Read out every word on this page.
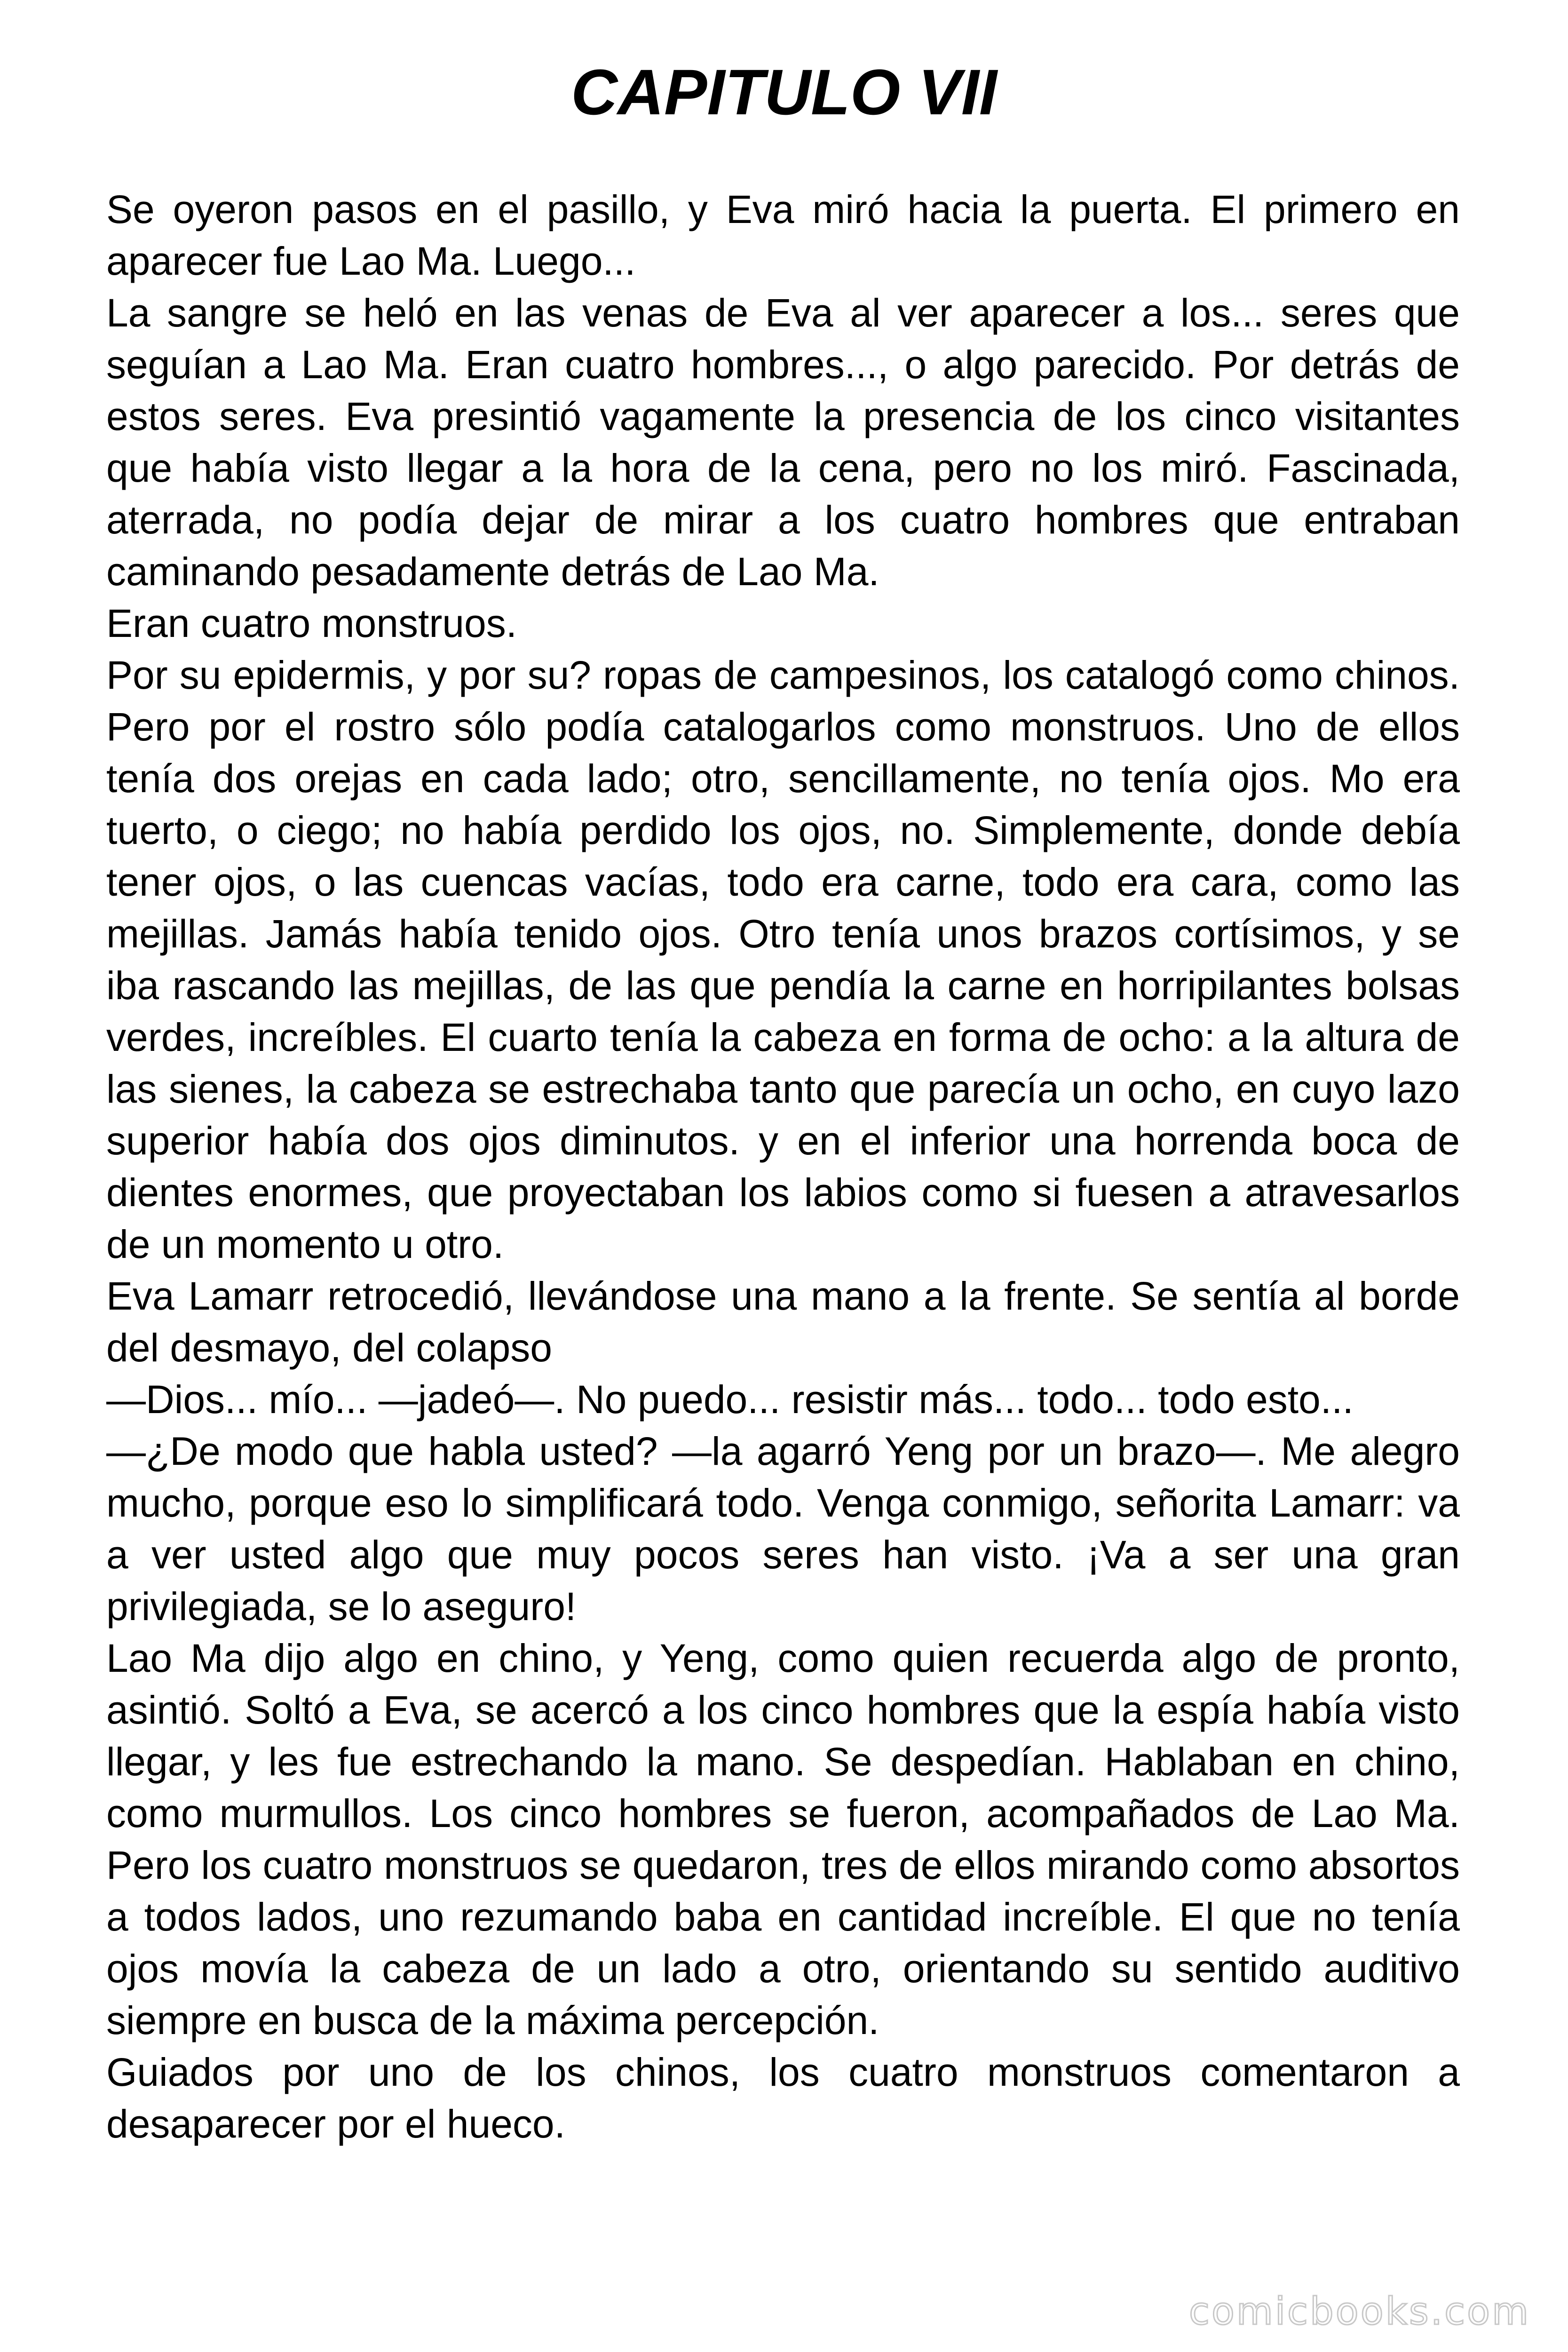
CAPITULO VII

Se oyeron pasos en el pasillo, y Eva miró hacia la puerta. El primero en aparecer fue Lao Ma. Luego...

La sangre se heló en las venas de Eva al ver aparecer a los... seres que seguían a Lao Ma. Eran cuatro hombres..., o algo parecido. Por detrás de estos seres. Eva presintió vagamente la presencia de los cinco visitantes que había visto llegar a la hora de la cena, pero no los miró. Fascinada, aterrada, no podía dejar de mirar a los cuatro hombres que entraban caminando pesadamente detrás de Lao Ma.

Eran cuatro monstruos.

Por su epidermis, y por su? ropas de campesinos, los catalogó como chinos. Pero por el rostro sólo podía catalogarlos como monstruos. Uno de ellos tenía dos orejas en cada lado; otro, sencillamente, no tenía ojos. Mo era tuerto, o ciego; no había perdido los ojos, no. Simplemente, donde debía tener ojos, o las cuencas vacías, todo era carne, todo era cara, como las mejillas. Jamás había tenido ojos. Otro tenía unos brazos cortísimos, y se iba rascando las mejillas, de las que pendía la carne en horripilantes bolsas verdes, increíbles. El cuarto tenía la cabeza en forma de ocho: a la altura de las sienes, la cabeza se estrechaba tanto que parecía un ocho, en cuyo lazo superior había dos ojos diminutos. y en el inferior una horrenda boca de dientes enormes, que proyectaban los labios como si fuesen a atravesarlos de un momento u otro.

Eva Lamarr retrocedió, llevándose una mano a la frente. Se sentía al borde del desmayo, del colapso

—Dios... mío... —jadeó—. No puedo... resistir más... todo... todo esto...

—¿De modo que habla usted? —la agarró Yeng por un brazo—. Me alegro mucho, porque eso lo simplificará todo. Venga conmigo, señorita Lamarr: va a ver usted algo que muy pocos seres han visto. ¡Va a ser una gran privilegiada, se lo aseguro!

Lao Ma dijo algo en chino, y Yeng, como quien recuerda algo de pronto, asintió. Soltó a Eva, se acercó a los cinco hombres que la espía había visto llegar, y les fue estrechando la mano. Se despedían. Hablaban en chino, como murmullos. Los cinco hombres se fueron, acompañados de Lao Ma. Pero los cuatro monstruos se quedaron, tres de ellos mirando como absortos a todos lados, uno rezumando baba en cantidad increíble. El que no tenía ojos movía la cabeza de un lado a otro, orientando su sentido auditivo siempre en busca de la máxima percepción.

Guiados por uno de los chinos, los cuatro monstruos comentaron a desaparecer por el hueco.

comicbooks.com
